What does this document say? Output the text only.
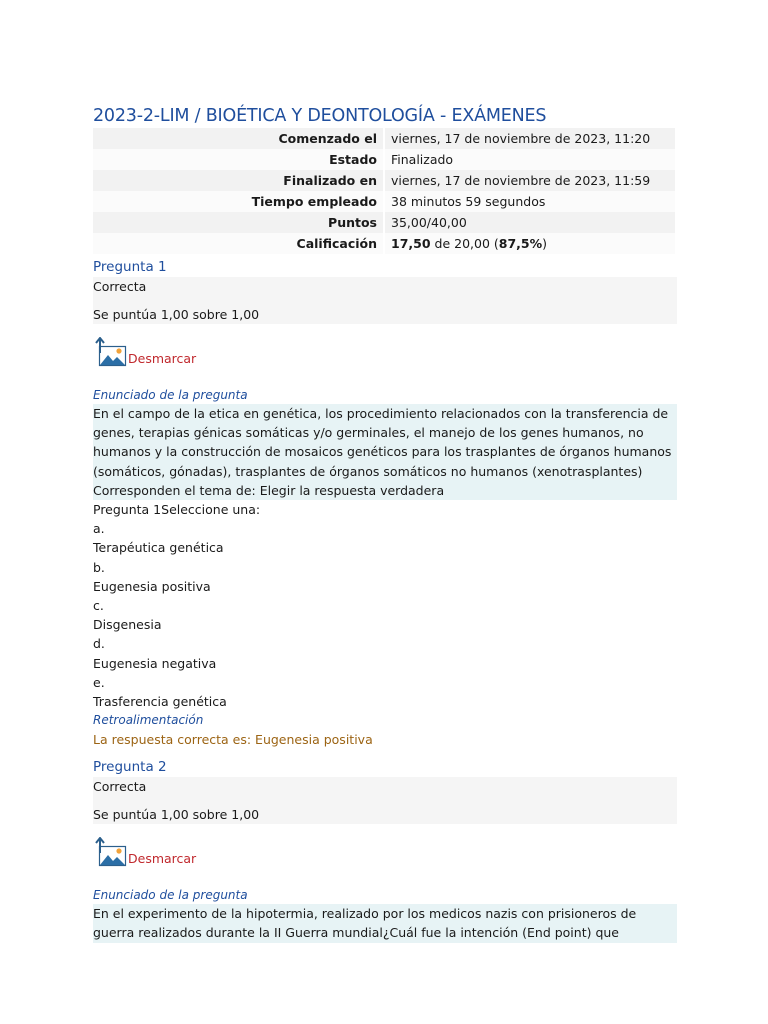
2023-2-LIM / BIOÉTICA Y DEONTOLOGÍA - EXÁMENES
Comenzado el	viernes, 17 de noviembre de 2023, 11:20
Estado	Finalizado
Finalizado en	viernes, 17 de noviembre de 2023, 11:59
Tiempo empleado	38 minutos 59 segundos
Puntos	35,00/40,00
Calificación	17,50 de 20,00 (87,5%)
Pregunta 1
Correcta
Se puntúa 1,00 sobre 1,00
Desmarcar
Enunciado de la pregunta
En el campo de la etica en genética, los procedimiento relacionados con la transferencia de
genes, terapias génicas somáticas y/o germinales, el manejo de los genes humanos, no
humanos y la construcción de mosaicos genéticos para los trasplantes de órganos humanos
(somáticos, gónadas), trasplantes de órganos somáticos no humanos (xenotrasplantes)
Corresponden el tema de: Elegir la respuesta verdadera
Pregunta 1Seleccione una:
a.
Terapéutica genética
b.
Eugenesia positiva
c.
Disgenesia
d.
Eugenesia negativa
e.
Trasferencia genética
Retroalimentación
La respuesta correcta es: Eugenesia positiva
Pregunta 2
Correcta
Se puntúa 1,00 sobre 1,00
Desmarcar
Enunciado de la pregunta
En el experimento de la hipotermia, realizado por los medicos nazis con prisioneros de
guerra realizados durante la II Guerra mundial¿Cuál fue la intención (End point) que
